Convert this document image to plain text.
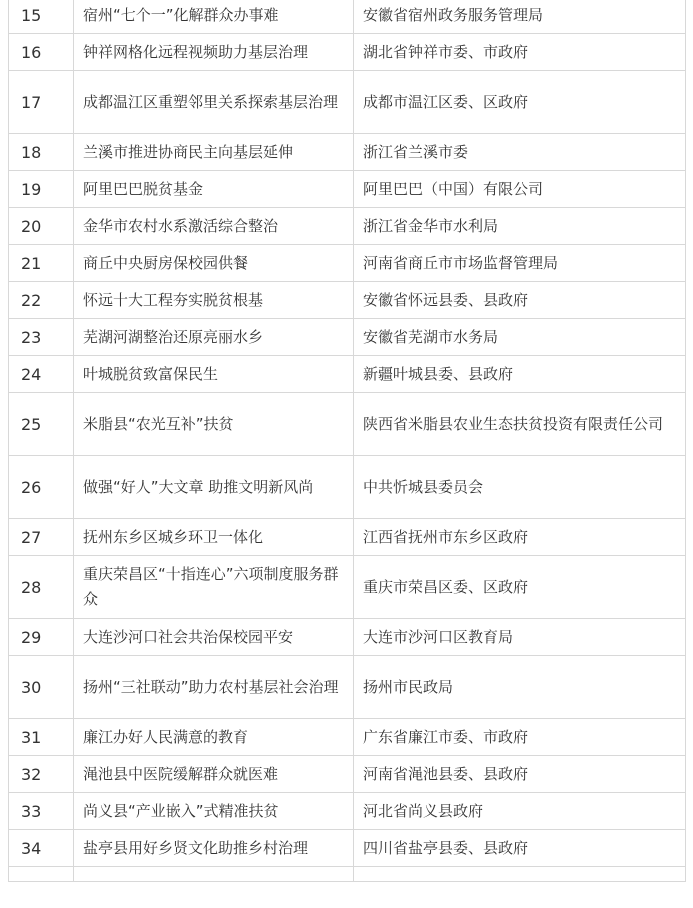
15	宿州“七个一”化解群众办事难	安徽省宿州政务服务管理局
16	钟祥网格化远程视频助力基层治理	湖北省钟祥市委、市政府
17	成都温江区重塑邻里关系探索基层治理	成都市温江区委、区政府
18	兰溪市推进协商民主向基层延伸	浙江省兰溪市委
19	阿里巴巴脱贫基金	阿里巴巴（中国）有限公司
20	金华市农村水系激活综合整治	浙江省金华市水利局
21	商丘中央厨房保校园供餐	河南省商丘市市场监督管理局
22	怀远十大工程夯实脱贫根基	安徽省怀远县委、县政府
23	芜湖河湖整治还原亮丽水乡	安徽省芜湖市水务局
24	叶城脱贫致富保民生	新疆叶城县委、县政府
25	米脂县“农光互补”扶贫	陕西省米脂县农业生态扶贫投资有限责任公司
26	做强“好人”大文章 助推文明新风尚	中共忻城县委员会
27	抚州东乡区城乡环卫一体化	江西省抚州市东乡区政府
28	重庆荣昌区“十指连心”六项制度服务群众	重庆市荣昌区委、区政府
29	大连沙河口社会共治保校园平安	大连市沙河口区教育局
30	扬州“三社联动”助力农村基层社会治理	扬州市民政局
31	廉江办好人民满意的教育	广东省廉江市委、市政府
32	渑池县中医院缓解群众就医难	河南省渑池县委、县政府
33	尚义县“产业嵌入”式精准扶贫	河北省尚义县政府
34	盐亭县用好乡贤文化助推乡村治理	四川省盐亭县委、县政府
